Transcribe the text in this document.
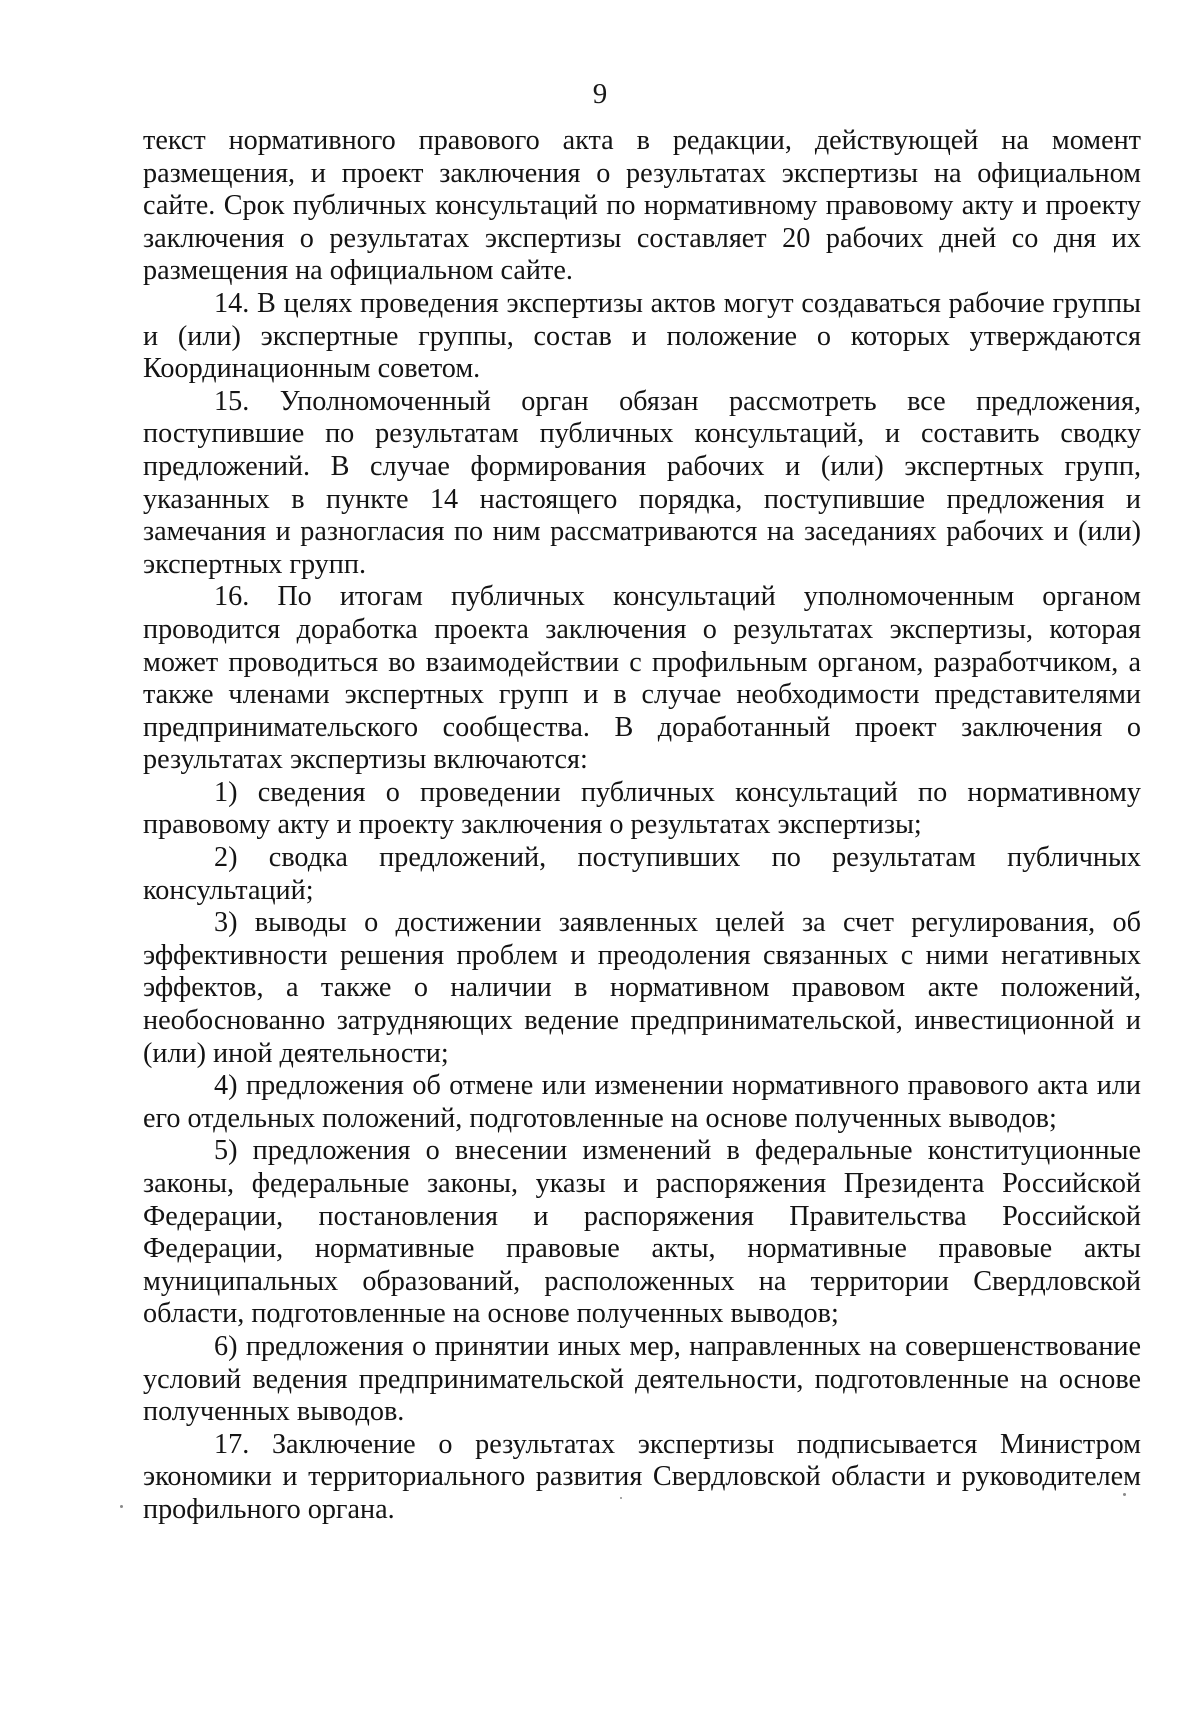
9

текст нормативного правового акта в редакции, действующей на момент размещения, и проект заключения о результатах экспертизы на официальном сайте. Срок публичных консультаций по нормативному правовому акту и проекту заключения о результатах экспертизы составляет 20 рабочих дней со дня их размещения на официальном сайте.

14. В целях проведения экспертизы актов могут создаваться рабочие группы и (или) экспертные группы, состав и положение о которых утверждаются Координационным советом.

15. Уполномоченный орган обязан рассмотреть все предложения, поступившие по результатам публичных консультаций, и составить сводку предложений. В случае формирования рабочих и (или) экспертных групп, указанных в пункте 14 настоящего порядка, поступившие предложения и замечания и разногласия по ним рассматриваются на заседаниях рабочих и (или) экспертных групп.

16. По итогам публичных консультаций уполномоченным органом проводится доработка проекта заключения о результатах экспертизы, которая может проводиться во взаимодействии с профильным органом, разработчиком, а также членами экспертных групп и в случае необходимости представителями предпринимательского сообщества. В доработанный проект заключения о результатах экспертизы включаются:

1) сведения о проведении публичных консультаций по нормативному правовому акту и проекту заключения о результатах экспертизы;

2) сводка предложений, поступивших по результатам публичных консультаций;

3) выводы о достижении заявленных целей за счет регулирования, об эффективности решения проблем и преодоления связанных с ними негативных эффектов, а также о наличии в нормативном правовом акте положений, необоснованно затрудняющих ведение предпринимательской, инвестиционной и (или) иной деятельности;

4) предложения об отмене или изменении нормативного правового акта или его отдельных положений, подготовленные на основе полученных выводов;

5) предложения о внесении изменений в федеральные конституционные законы, федеральные законы, указы и распоряжения Президента Российской Федерации, постановления и распоряжения Правительства Российской Федерации, нормативные правовые акты, нормативные правовые акты муниципальных образований, расположенных на территории Свердловской области, подготовленные на основе полученных выводов;

6) предложения о принятии иных мер, направленных на совершенствование условий ведения предпринимательской деятельности, подготовленные на основе полученных выводов.

17. Заключение о результатах экспертизы подписывается Министром экономики и территориального развития Свердловской области и руководителем профильного органа.
